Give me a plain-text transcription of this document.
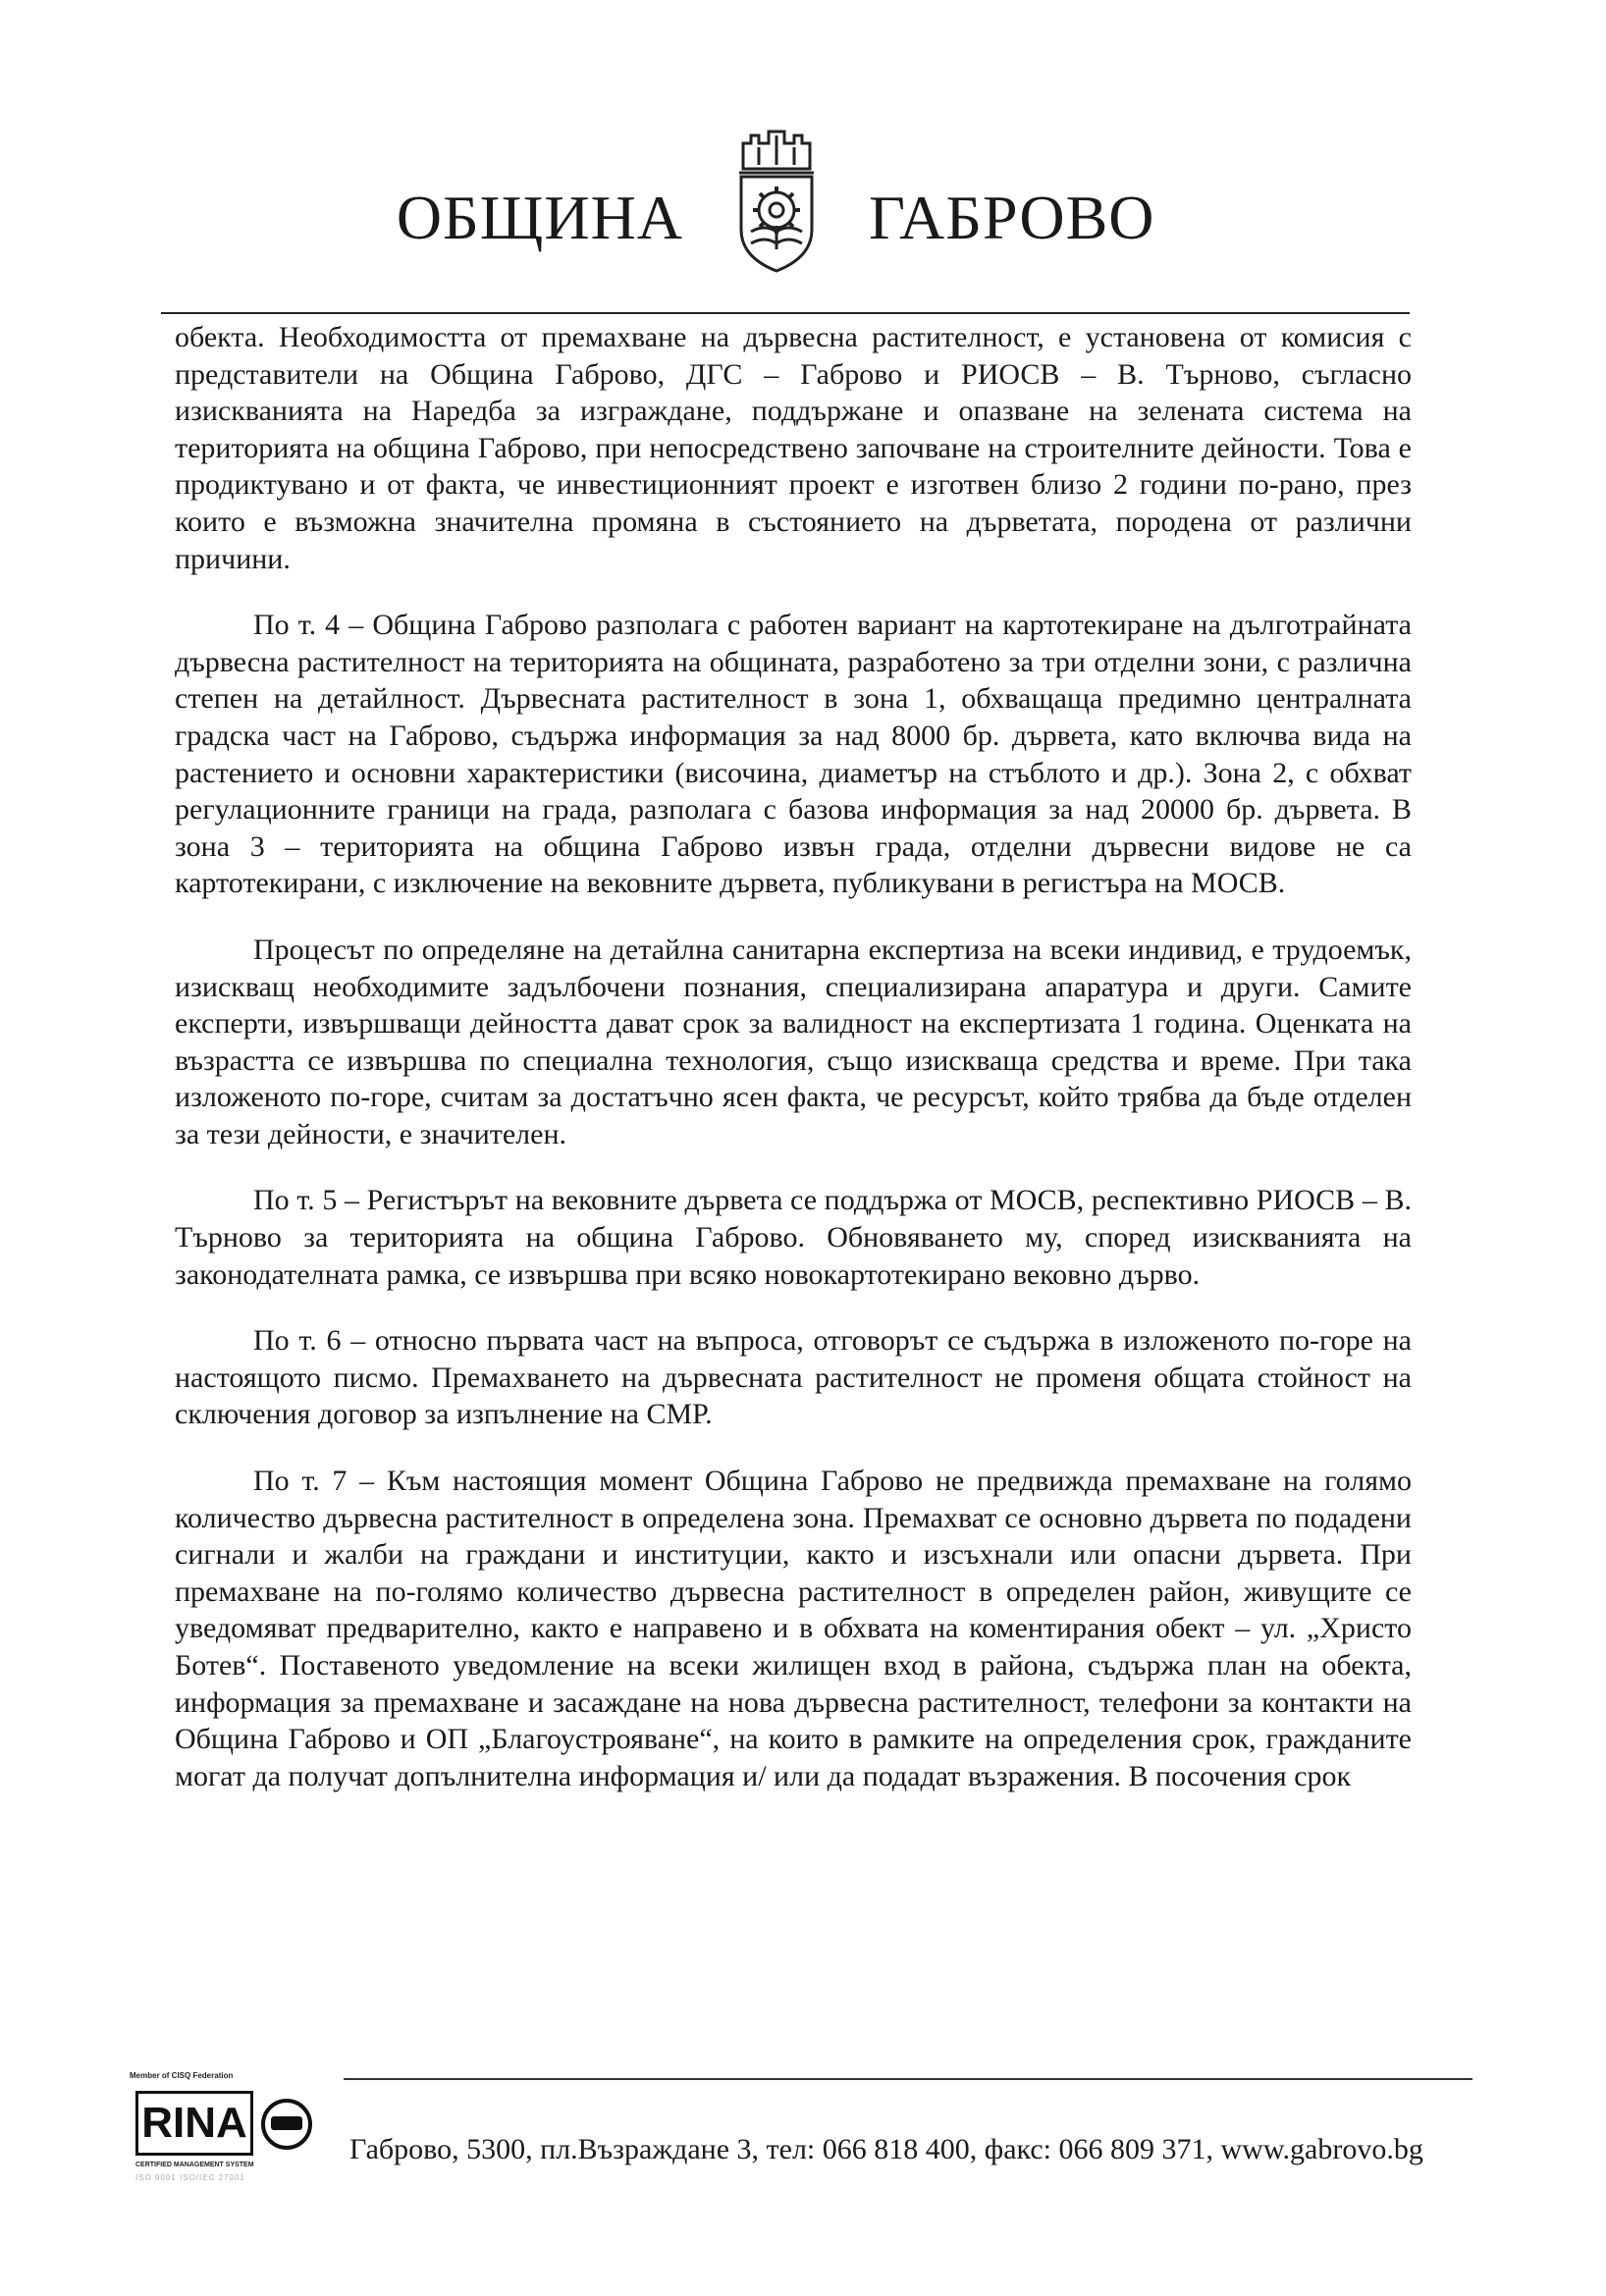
ОБЩИНА	ГАБРОВО

обекта. Необходимостта от премахване на дървесна растителност, е установена от комисия с представители на Община Габрово, ДГС – Габрово и РИОСВ – В. Търново, съгласно изискванията на Наредба за изграждане, поддържане и опазване на зелената система на територията на община Габрово, при непосредствено започване на строителните дейности. Това е продиктувано и от факта, че инвестиционният проект е изготвен близо 2 години по-рано, през които е възможна значителна промяна в състоянието на дърветата, породена от различни причини.

По т. 4 – Община Габрово разполага с работен вариант на картотекиране на дълготрайната дървесна растителност на територията на общината, разработено за три отделни зони, с различна степен на детайлност. Дървесната растителност в зона 1, обхващаща предимно централната градска част на Габрово, съдържа информация за над 8000 бр. дървета, като включва вида на растението и основни характеристики (височина, диаметър на стъблото и др.). Зона 2, с обхват регулационните граници на града, разполага с базова информация за над 20000 бр. дървета. В зона 3 – територията на община Габрово извън града, отделни дървесни видове не са картотекирани, с изключение на вековните дървета, публикувани в регистъра на МОСВ.

Процесът по определяне на детайлна санитарна експертиза на всеки индивид, е трудоемък, изискващ необходимите задълбочени познания, специализирана апаратура и други. Самите експерти, извършващи дейността дават срок за валидност на експертизата 1 година. Оценката на възрастта се извършва по специална технология, също изискваща средства и време. При така изложеното по-горе, считам за достатъчно ясен факта, че ресурсът, който трябва да бъде отделен за тези дейности, е значителен.

По т. 5 – Регистърът на вековните дървета се поддържа от МОСВ, респективно РИОСВ – В. Търново за територията на община Габрово. Обновяването му, според изискванията на законодателната рамка, се извършва при всяко новокартотекирано вековно дърво.

По т. 6 – относно първата част на въпроса, отговорът се съдържа в изложеното по-горе на настоящото писмо. Премахването на дървесната растителност не променя общата стойност на сключения договор за изпълнение на СМР.

По т. 7 – Към настоящия момент Община Габрово не предвижда премахване на голямо количество дървесна растителност в определена зона. Премахват се основно дървета по подадени сигнали и жалби на граждани и институции, както и изсъхнали или опасни дървета. При премахване на по-голямо количество дървесна растителност в определен район, живущите се уведомяват предварително, както е направено и в обхвата на коментирания обект – ул. „Христо Ботев“. Поставеното уведомление на всеки жилищен вход в района, съдържа план на обекта, информация за премахване и засаждане на нова дървесна растителност, телефони за контакти на Община Габрово и ОП „Благоустрояване“, на които в рамките на определения срок, гражданите могат да получат допълнителна информация и/ или да подадат възражения. В посочения срок

Member of CISQ Federation
RINA
CERTIFIED MANAGEMENT SYSTEM
ISO 9001 ISO/IEC 27001
Габрово, 5300, пл.Възраждане 3, тел: 066 818 400, факс: 066 809 371, www.gabrovo.bg
